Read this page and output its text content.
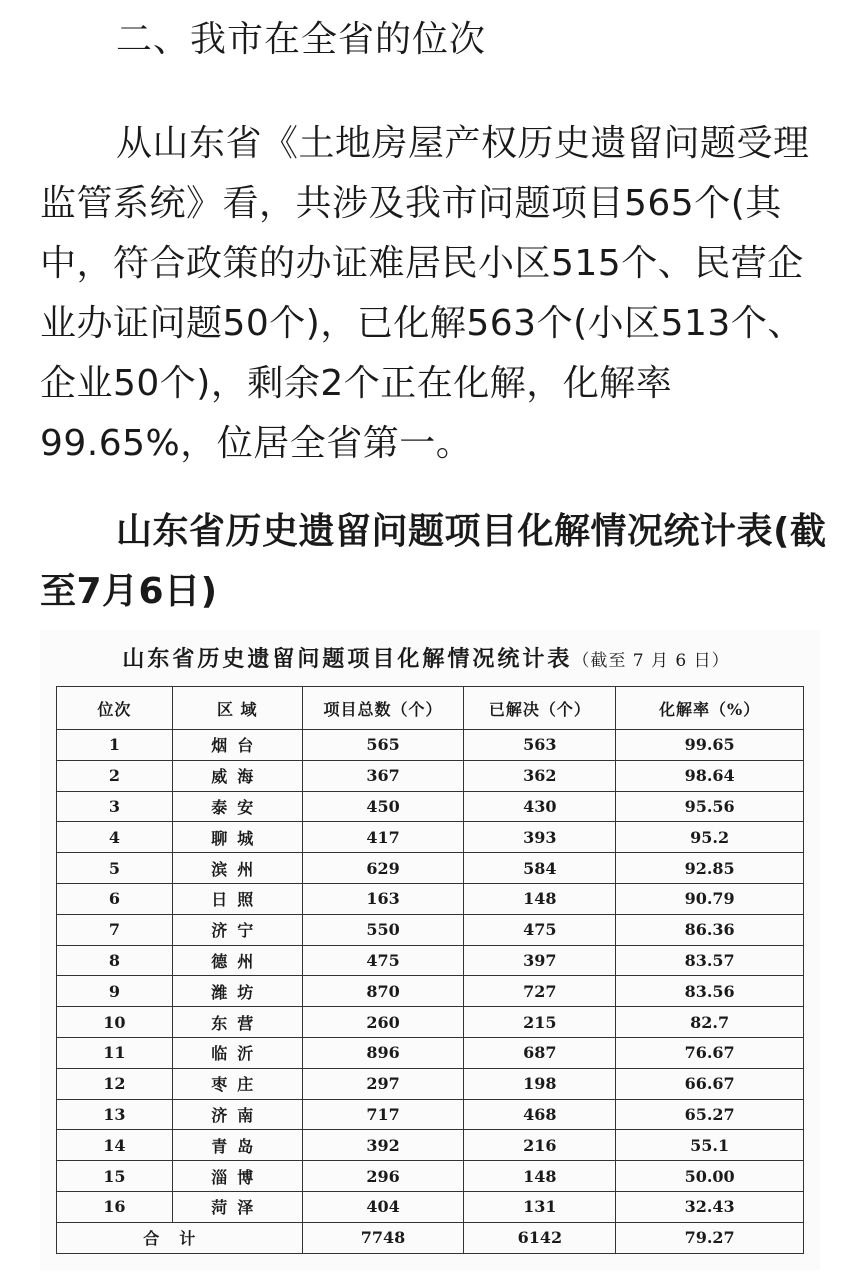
二、我市在全省的位次

从山东省《土地房屋产权历史遗留问题受理监管系统》看，共涉及我市问题项目565个(其中，符合政策的办证难居民小区515个、民营企业办证问题50个)，已化解563个(小区513个、企业50个)，剩余2个正在化解，化解率99.65%，位居全省第一。

山东省历史遗留问题项目化解情况统计表(截至7月6日)

山东省历史遗留问题项目化解情况统计表（截至 7 月 6 日）

位次	区 域	项目总数（个）	已解决（个）	化解率（%）
1	烟台	565	563	99.65
2	威海	367	362	98.64
3	泰安	450	430	95.56
4	聊城	417	393	95.2
5	滨州	629	584	92.85
6	日照	163	148	90.79
7	济宁	550	475	86.36
8	德州	475	397	83.57
9	潍坊	870	727	83.56
10	东营	260	215	82.7
11	临沂	896	687	76.67
12	枣庄	297	198	66.67
13	济南	717	468	65.27
14	青岛	392	216	55.1
15	淄博	296	148	50.00
16	菏泽	404	131	32.43
合计		7748	6142	79.27
